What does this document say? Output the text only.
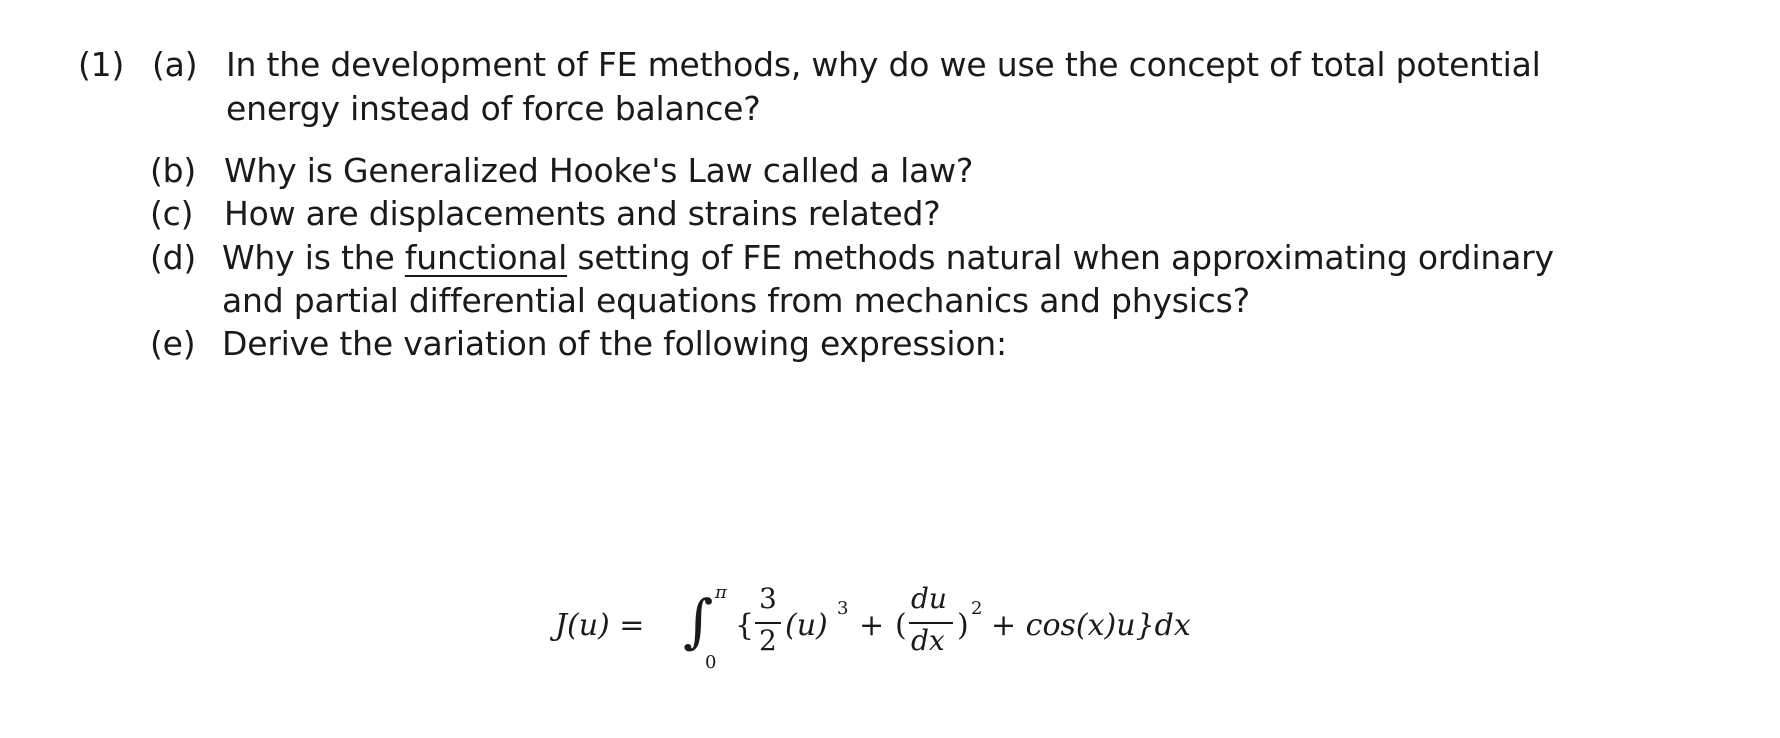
(1) (a) In the development of FE methods, why do we use the concept of total potential
energy instead of force balance?
(b) Why is Generalized Hooke's Law called a law?
(c) How are displacements and strains related?
(d) Why is the functional setting of FE methods natural when approximating ordinary
and partial differential equations from mechanics and physics?
(e) Derive the variation of the following expression:
J(u) = ∫ π
0
{
3
2 (u) 3 + (
du
dx ) 2 + cos(x)u}dx
